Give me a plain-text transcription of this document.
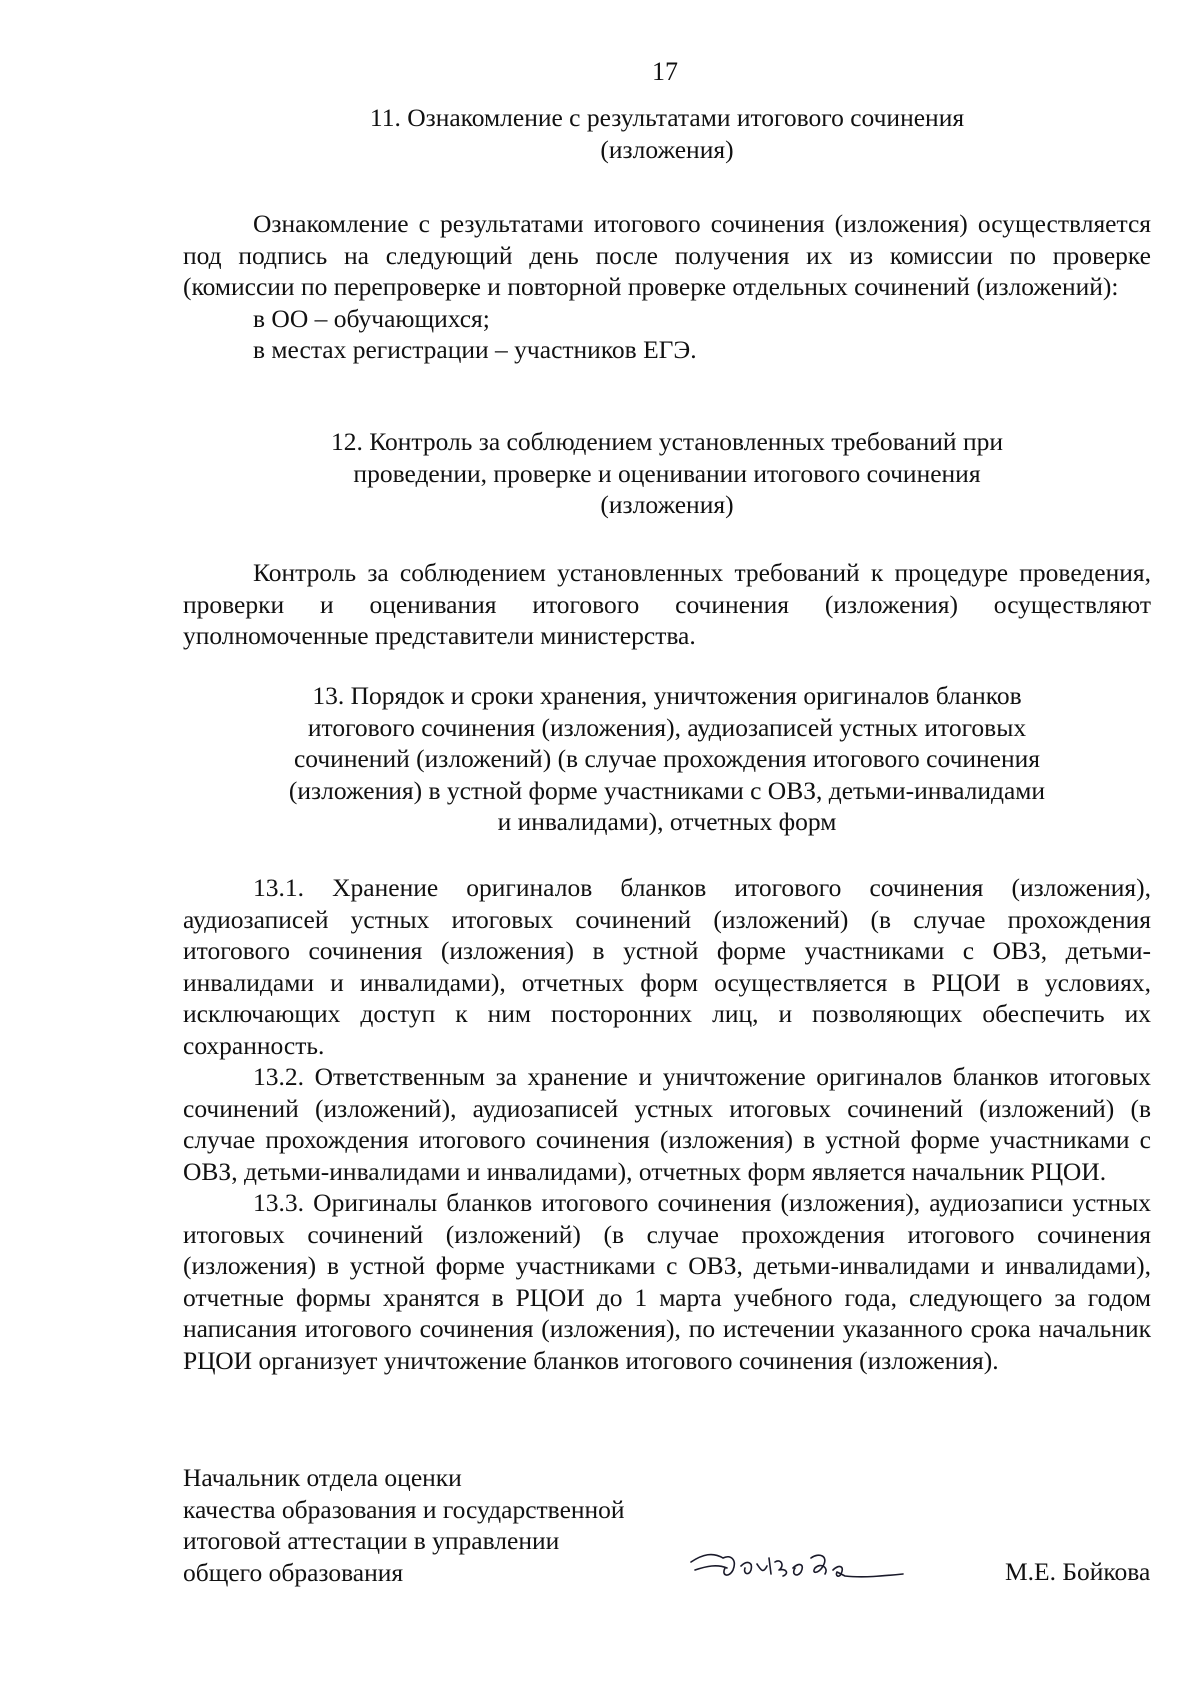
17
11. Ознакомление с результатами итогового сочинения
(изложения)

Ознакомление с результатами итогового сочинения (изложения) осуществляется под подпись на следующий день после получения их из комиссии по проверке (комиссии по перепроверке и повторной проверке отдельных сочинений (изложений):

в ОО – обучающихся;

в местах регистрации – участников ЕГЭ.

12. Контроль за соблюдением установленных требований при
проведении, проверке и оценивании итогового сочинения
(изложения)

Контроль за соблюдением установленных требований к процедуре проведения, проверки и оценивания итогового сочинения (изложения) осуществляют уполномоченные представители министерства.

13. Порядок и сроки хранения, уничтожения оригиналов бланков
итогового сочинения (изложения), аудиозаписей устных итоговых
сочинений (изложений) (в случае прохождения итогового сочинения
(изложения) в устной форме участниками с ОВЗ, детьми-инвалидами
и инвалидами), отчетных форм

13.1. Хранение оригиналов бланков итогового сочинения (изложения), аудиозаписей устных итоговых сочинений (изложений) (в случае прохождения итогового сочинения (изложения) в устной форме участниками с ОВЗ, детьми-инвалидами и инвалидами), отчетных форм осуществляется в РЦОИ в условиях, исключающих доступ к ним посторонних лиц, и позволяющих обеспечить их сохранность.

13.2. Ответственным за хранение и уничтожение оригиналов бланков итоговых сочинений (изложений), аудиозаписей устных итоговых сочинений (изложений) (в случае прохождения итогового сочинения (изложения) в устной форме участниками с ОВЗ, детьми-инвалидами и инвалидами), отчетных форм является начальник РЦОИ.

13.3. Оригиналы бланков итогового сочинения (изложения), аудиозаписи устных итоговых сочинений (изложений) (в случае прохождения итогового сочинения (изложения) в устной форме участниками с ОВЗ, детьми-инвалидами и инвалидами), отчетные формы хранятся в РЦОИ до 1 марта учебного года, следующего за годом написания итогового сочинения (изложения), по истечении указанного срока начальник РЦОИ организует уничтожение бланков итогового сочинения (изложения).

Начальник отдела оценки
качества образования и государственной
итоговой аттестации в управлении
общего образования	М.Е. Бойкова
